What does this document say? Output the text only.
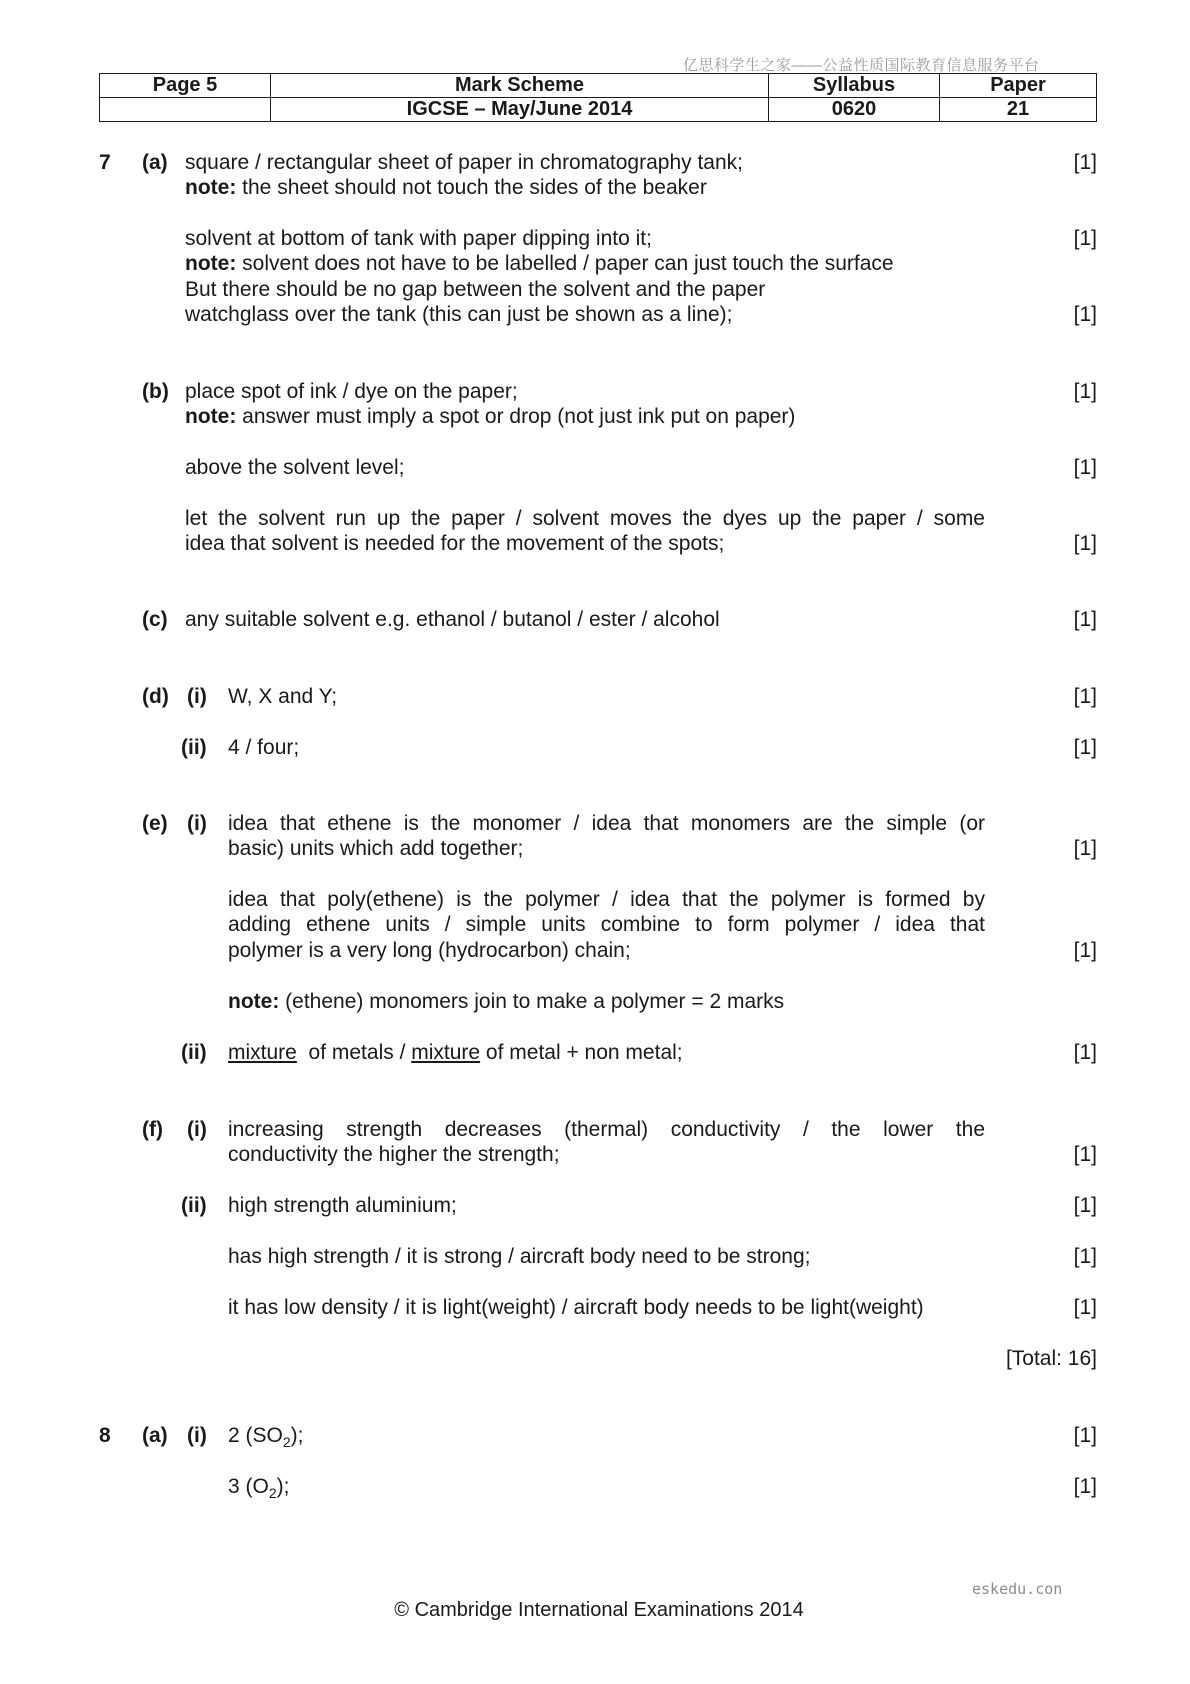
亿思科学生之家——公益性质国际教育信息服务平台
Page 5	Mark Scheme	Syllabus	Paper
	IGCSE – May/June 2014	0620	21
7 (a) square / rectangular sheet of paper in chromatography tank;	[1]
note: the sheet should not touch the sides of the beaker
solvent at bottom of tank with paper dipping into it;	[1]
note: solvent does not have to be labelled / paper can just touch the surface
But there should be no gap between the solvent and the paper
watchglass over the tank (this can just be shown as a line);	[1]
(b) place spot of ink / dye on the paper;	[1]
note: answer must imply a spot or drop (not just ink put on paper)
above the solvent level;	[1]
let the solvent run up the paper / solvent moves the dyes up the paper / some
idea that solvent is needed for the movement of the spots;	[1]
(c) any suitable solvent e.g. ethanol / butanol / ester / alcohol	[1]
(d) (i) W, X and Y;	[1]
(ii) 4 / four;	[1]
(e) (i) idea that ethene is the monomer / idea that monomers are the simple (or
basic) units which add together;	[1]
idea that poly(ethene) is the polymer / idea that the polymer is formed by
adding ethene units / simple units combine to form polymer / idea that
polymer is a very long (hydrocarbon) chain;	[1]
note: (ethene) monomers join to make a polymer = 2 marks
(ii) mixture  of metals / mixture of metal + non metal;	[1]
(f) (i) increasing strength decreases (thermal) conductivity / the lower the
conductivity the higher the strength;	[1]
(ii) high strength aluminium;	[1]
has high strength / it is strong / aircraft body need to be strong;	[1]
it has low density / it is light(weight) / aircraft body needs to be light(weight)	[1]
[Total: 16]
8 (a) (i) 2 $(SO_2)$;	[1]
3 $(O_2)$;	[1]
eskedu.con
© Cambridge International Examinations 2014
